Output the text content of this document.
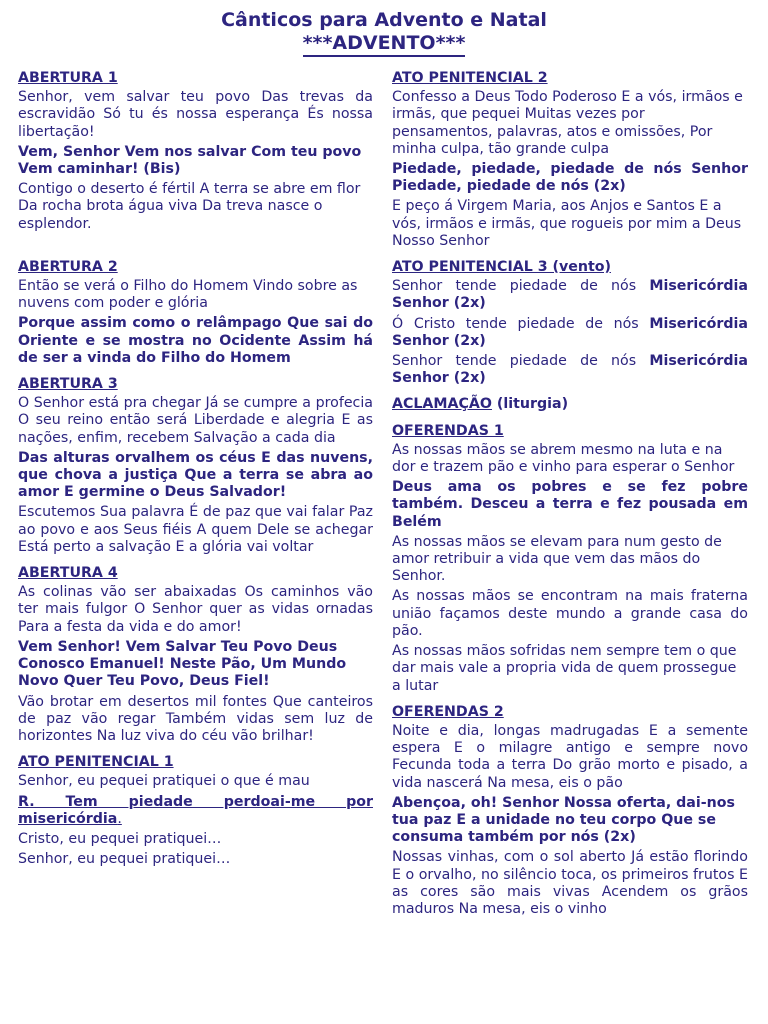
Cânticos para Advento e Natal
***ADVENTO***
ABERTURA 1

Senhor, vem salvar teu povo Das trevas da escravidão Só tu és nossa esperança És nossa libertação!

Vem, Senhor Vem nos salvar Com teu povo Vem caminhar! (Bis)

Contigo o deserto é fértil A terra se abre em flor Da rocha brota água viva Da treva nasce o esplendor.

ABERTURA 2

Então se verá o Filho do Homem Vindo sobre as nuvens com poder e glória

Porque assim como o relâmpago Que sai do Oriente e se mostra no Ocidente Assim há de ser a vinda do Filho do Homem

ABERTURA 3

O Senhor está pra chegar Já se cumpre a profecia O seu reino então será Liberdade e alegria E as nações, enfim, recebem Salvação a cada dia

Das alturas orvalhem os céus E das nuvens, que chova a justiça Que a terra se abra ao amor E germine o Deus Salvador!

Escutemos Sua palavra É de paz que vai falar Paz ao povo e aos Seus fiéis A quem Dele se achegar Está perto a salvação E a glória vai voltar

ABERTURA 4

As colinas vão ser abaixadas Os caminhos vão ter mais fulgor O Senhor quer as vidas ornadas Para a festa da vida e do amor!

Vem Senhor! Vem Salvar Teu Povo Deus Conosco Emanuel! Neste Pão, Um Mundo Novo Quer Teu Povo, Deus Fiel!

Vão brotar em desertos mil fontes Que canteiros de paz vão regar Também vidas sem luz de horizontes Na luz viva do céu vão brilhar!

ATO PENITENCIAL 1

Senhor, eu pequei pratiquei o que é mau

R. Tem piedade perdoai-me por misericórdia.

Cristo, eu pequei pratiquei…

Senhor, eu pequei pratiquei…

ATO PENITENCIAL 2

Confesso a Deus Todo Poderoso E a vós, irmãos e irmãs, que pequei Muitas vezes por pensamentos, palavras, atos e omissões, Por minha culpa, tão grande culpa

Piedade, piedade, piedade de nós Senhor Piedade, piedade de nós (2x)

E peço á Virgem Maria, aos Anjos e Santos E a vós, irmãos e irmãs, que rogueis por mim a Deus Nosso Senhor

ATO PENITENCIAL 3 (vento)

Senhor tende piedade de nós Misericórdia Senhor (2x)

Ó Cristo tende piedade de nós Misericórdia Senhor (2x)

Senhor tende piedade de nós Misericórdia Senhor (2x)

ACLAMAÇÃO (liturgia)
OFERENDAS 1

As nossas mãos se abrem mesmo na luta e na dor e trazem pão e vinho para esperar o Senhor

Deus ama os pobres e se fez pobre também. Desceu a terra e fez pousada em Belém

As nossas mãos se elevam para num gesto de amor retribuir a vida que vem das mãos do Senhor.

As nossas mãos se encontram na mais fraterna união façamos deste mundo a grande casa do pão.

As nossas mãos sofridas nem sempre tem o que dar mais vale a propria vida de quem prossegue a lutar

OFERENDAS 2

Noite e dia, longas madrugadas E a semente espera E o milagre antigo e sempre novo Fecunda toda a terra Do grão morto e pisado, a vida nascerá Na mesa, eis o pão

Abençoa, oh! Senhor Nossa oferta, dai-nos tua paz E a unidade no teu corpo Que se consuma também por nós (2x)

Nossas vinhas, com o sol aberto Já estão florindo E o orvalho, no silêncio toca, os primeiros frutos E as cores são mais vivas Acendem os grãos maduros Na mesa, eis o vinho
